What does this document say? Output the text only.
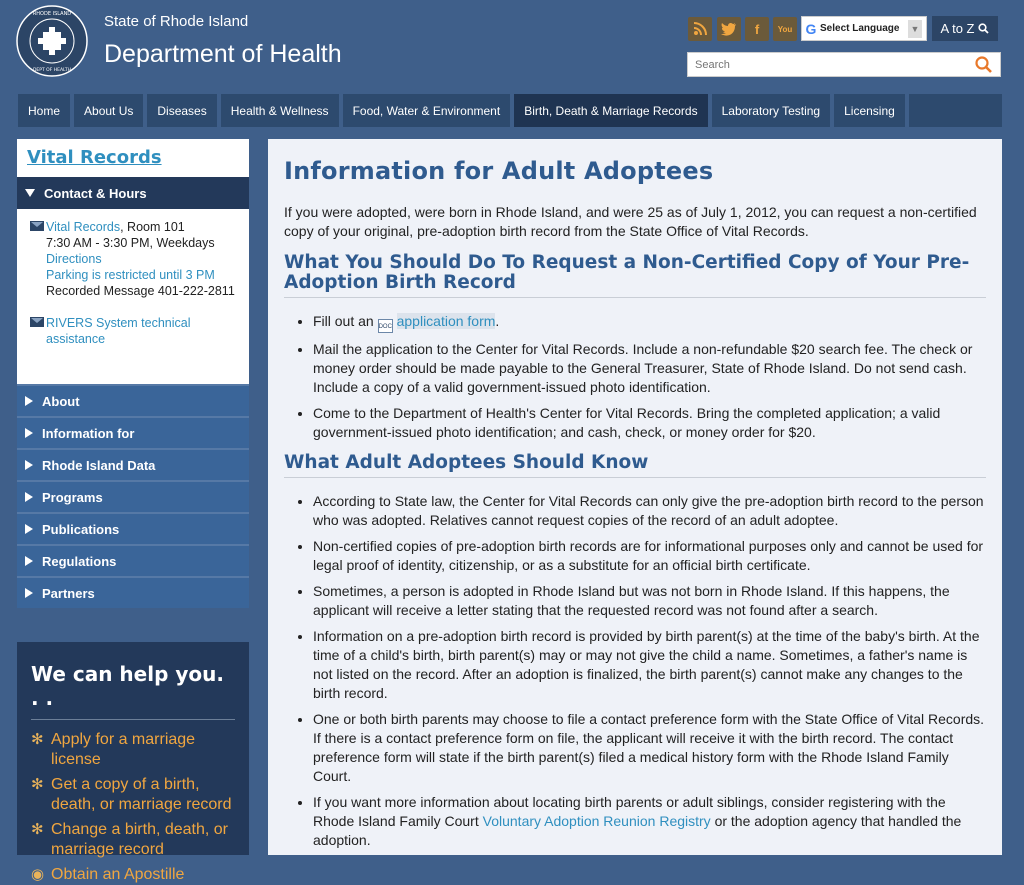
RHODE ISLAND
DEPT OF HEALTH
State of Rhode Island
Department of Health
f	You G Select Language ▼ A to Z
Search
Home	About Us	Diseases	Health & Wellness	Food, Water & Environment	Birth, Death & Marriage Records	Laboratory Testing	Licensing
Vital Records
Contact & Hours
Vital Records, Room 101
7:30 AM - 3:30 PM, Weekdays
Directions
Parking is restricted until 3 PM
Recorded Message 401-222-2811
RIVERS System technical assistance
About
Information for
Rhode Island Data
Programs
Publications
Regulations
Partners
We can help you. . .
✻ Apply for a marriage license
✻ Get a copy of a birth, death, or marriage record
✻ Change a birth, death, or marriage record
◉ Obtain an Apostille
Information for Adult Adoptees

If you were adopted, were born in Rhode Island, and were 25 as of July 1, 2012, you can request a non-certified copy of your original, pre-adoption birth record from the State Office of Vital Records.

What You Should Do To Request a Non-Certified Copy of Your Pre-Adoption Birth Record
• Fill out an DOC application form.
• Mail the application to the Center for Vital Records. Include a non-refundable $20 search fee. The check or money order should be made payable to the General Treasurer, State of Rhode Island. Do not send cash. Include a copy of a valid government-issued photo identification.
• Come to the Department of Health's Center for Vital Records. Bring the completed application; a valid government-issued photo identification; and cash, check, or money order for $20.
What Adult Adoptees Should Know
• According to State law, the Center for Vital Records can only give the pre-adoption birth record to the person who was adopted. Relatives cannot request copies of the record of an adult adoptee.
• Non-certified copies of pre-adoption birth records are for informational purposes only and cannot be used for legal proof of identity, citizenship, or as a substitute for an official birth certificate.
• Sometimes, a person is adopted in Rhode Island but was not born in Rhode Island. If this happens, the applicant will receive a letter stating that the requested record was not found after a search.
• Information on a pre-adoption birth record is provided by birth parent(s) at the time of the baby's birth. At the time of a child's birth, birth parent(s) may or may not give the child a name. Sometimes, a father's name is not listed on the record. After an adoption is finalized, the birth parent(s) cannot make any changes to the birth record.
• One or both birth parents may choose to file a contact preference form with the State Office of Vital Records. If there is a contact preference form on file, the applicant will receive it with the birth record. The contact preference form will state if the birth parent(s) filed a medical history form with the Rhode Island Family Court.
• If you want more information about locating birth parents or adult siblings, consider registering with the Rhode Island Family Court Voluntary Adoption Reunion Registry or the adoption agency that handled the adoption.
